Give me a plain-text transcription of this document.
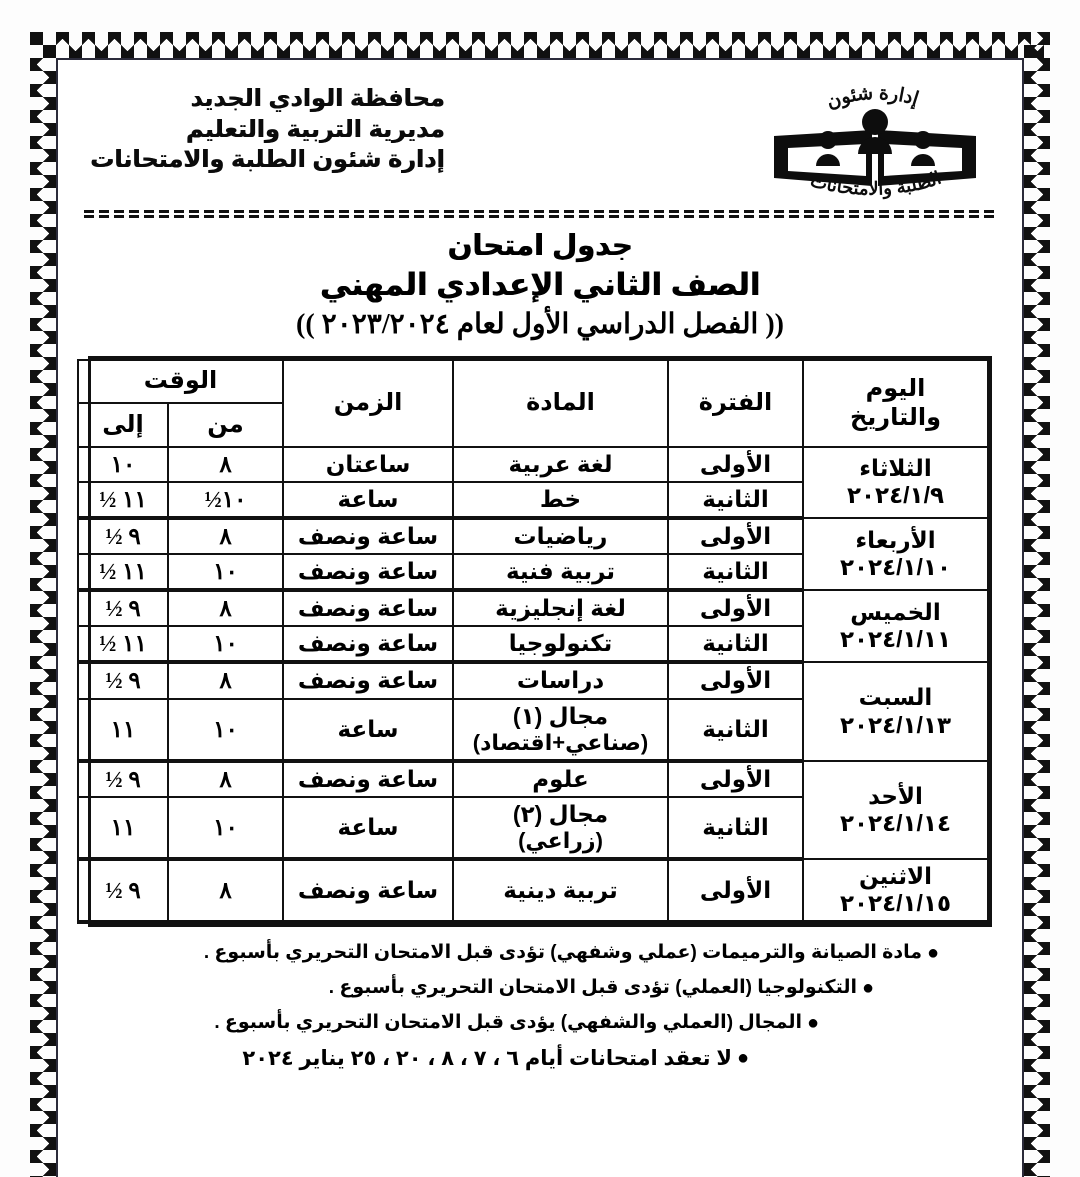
إدارة شئون
الطلبة والامتحانات
محافظة الوادي الجديد
مديرية التربية والتعليم
إدارة شئون الطلبة والامتحانات
جدول امتحان
الصف الثاني الإعدادي المهني
(( الفصل الدراسي الأول لعام ٢٠٢٣/٢٠٢٤ ))
اليوم
والتاريخ	الفترة	المادة	الزمن	الوقت	
				من	إلى

الثلاثاء
٢٠٢٤/١/٩	الأولى	لغة عربية	ساعتان	٨	١٠
	الثانية	خط	ساعة	١٠½	١١ ½

الأربعاء
٢٠٢٤/١/١٠	الأولى	رياضيات	ساعة ونصف	٨	٩ ½
	الثانية	تربية فنية	ساعة ونصف	١٠	١١ ½

الخميس
٢٠٢٤/١/١١	الأولى	لغة إنجليزية	ساعة ونصف	٨	٩ ½
	الثانية	تكنولوجيا	ساعة ونصف	١٠	١١ ½

السبت
٢٠٢٤/١/١٣	الأولى	دراسات	ساعة ونصف	٨	٩ ½
	الثانية	مجال (١)
(صناعي+اقتصاد)	ساعة	١٠	١١

الأحد
٢٠٢٤/١/١٤	الأولى	علوم	ساعة ونصف	٨	٩ ½
	الثانية	مجال (٢)
(زراعي)	ساعة	١٠	١١

الاثنين
٢٠٢٤/١/١٥	الأولى	تربية دينية	ساعة ونصف	٨	٩ ½
●
مادة الصيانة والترميمات (عملي وشفهي) تؤدى قبل الامتحان التحريري بأسبوع .
●
التكنولوجيا (العملي) تؤدى قبل الامتحان التحريري بأسبوع .
●
المجال (العملي والشفهي) يؤدى قبل الامتحان التحريري بأسبوع .
●
لا تعقد امتحانات أيام ٦ ، ٧ ، ٨ ، ٢٠ ، ٢٥ يناير ٢٠٢٤
